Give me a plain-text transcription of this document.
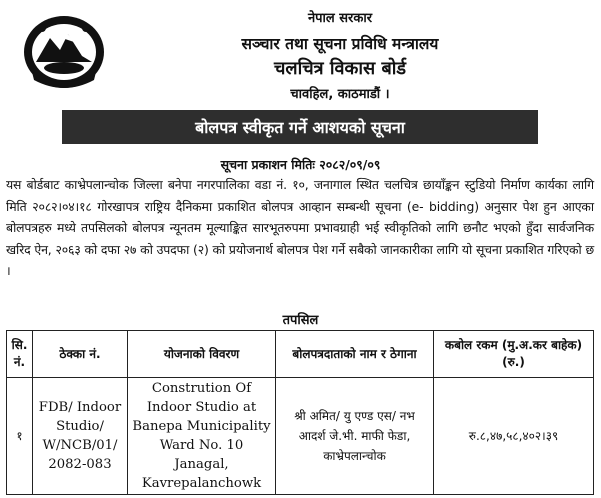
नेपाल सरकार
सञ्चार तथा सूचना प्रविधि मन्त्रालय
चलचित्र विकास बोर्ड
चावहिल, काठमाडौं ।
बोलपत्र स्वीकृत गर्ने आशयको सूचना
सूचना प्रकाशन मितिः २०८२/०९/०९
यस बोर्डबाट काभ्रेपलान्चोक जिल्ला बनेपा नगरपालिका वडा नं. १०, जनागाल स्थित चलचित्र छायाँङ्कन स्टुडियो निर्माण कार्यका लागि मिति २०८२।०४।१८ गोरखापत्र राष्ट्रिय दैनिकमा प्रकाशित बोलपत्र आव्हान सम्बन्धी सूचना (e- bidding) अनुसार पेश हुन आएका बोलपत्रहरु मध्ये तपसिलको बोलपत्र न्यूनतम मूल्याङ्कित सारभूतरुपमा प्रभावग्राही भई स्वीकृतिको लागि छनौट भएको हुँदा सार्वजनिक खरिद ऐन, २०६३ को दफा २७ को उपदफा (२) को प्रयोजनार्थ बोलपत्र पेश गर्ने सबैको जानकारीका लागि यो सूचना प्रकाशित गरिएको छ ।
तपसिल
सि. नं.	ठेक्का नं.	योजनाको विवरण	बोलपत्रदाताको नाम र ठेगाना	कबोल रकम (मु.अ.कर बाहेक) (रु.)
१	FDB/ Indoor Studio/ W/NCB/01/ 2082-083	Constrution Of Indoor Studio at Banepa Municipality Ward No. 10 Janagal, Kavrepalanchowk	श्री अमित/ यु एण्ड एस/ नभ आदर्श जे.भी. माफी फेडा, काभ्रेपलान्चोक	रु.८,४७,५८,४०२।३९
